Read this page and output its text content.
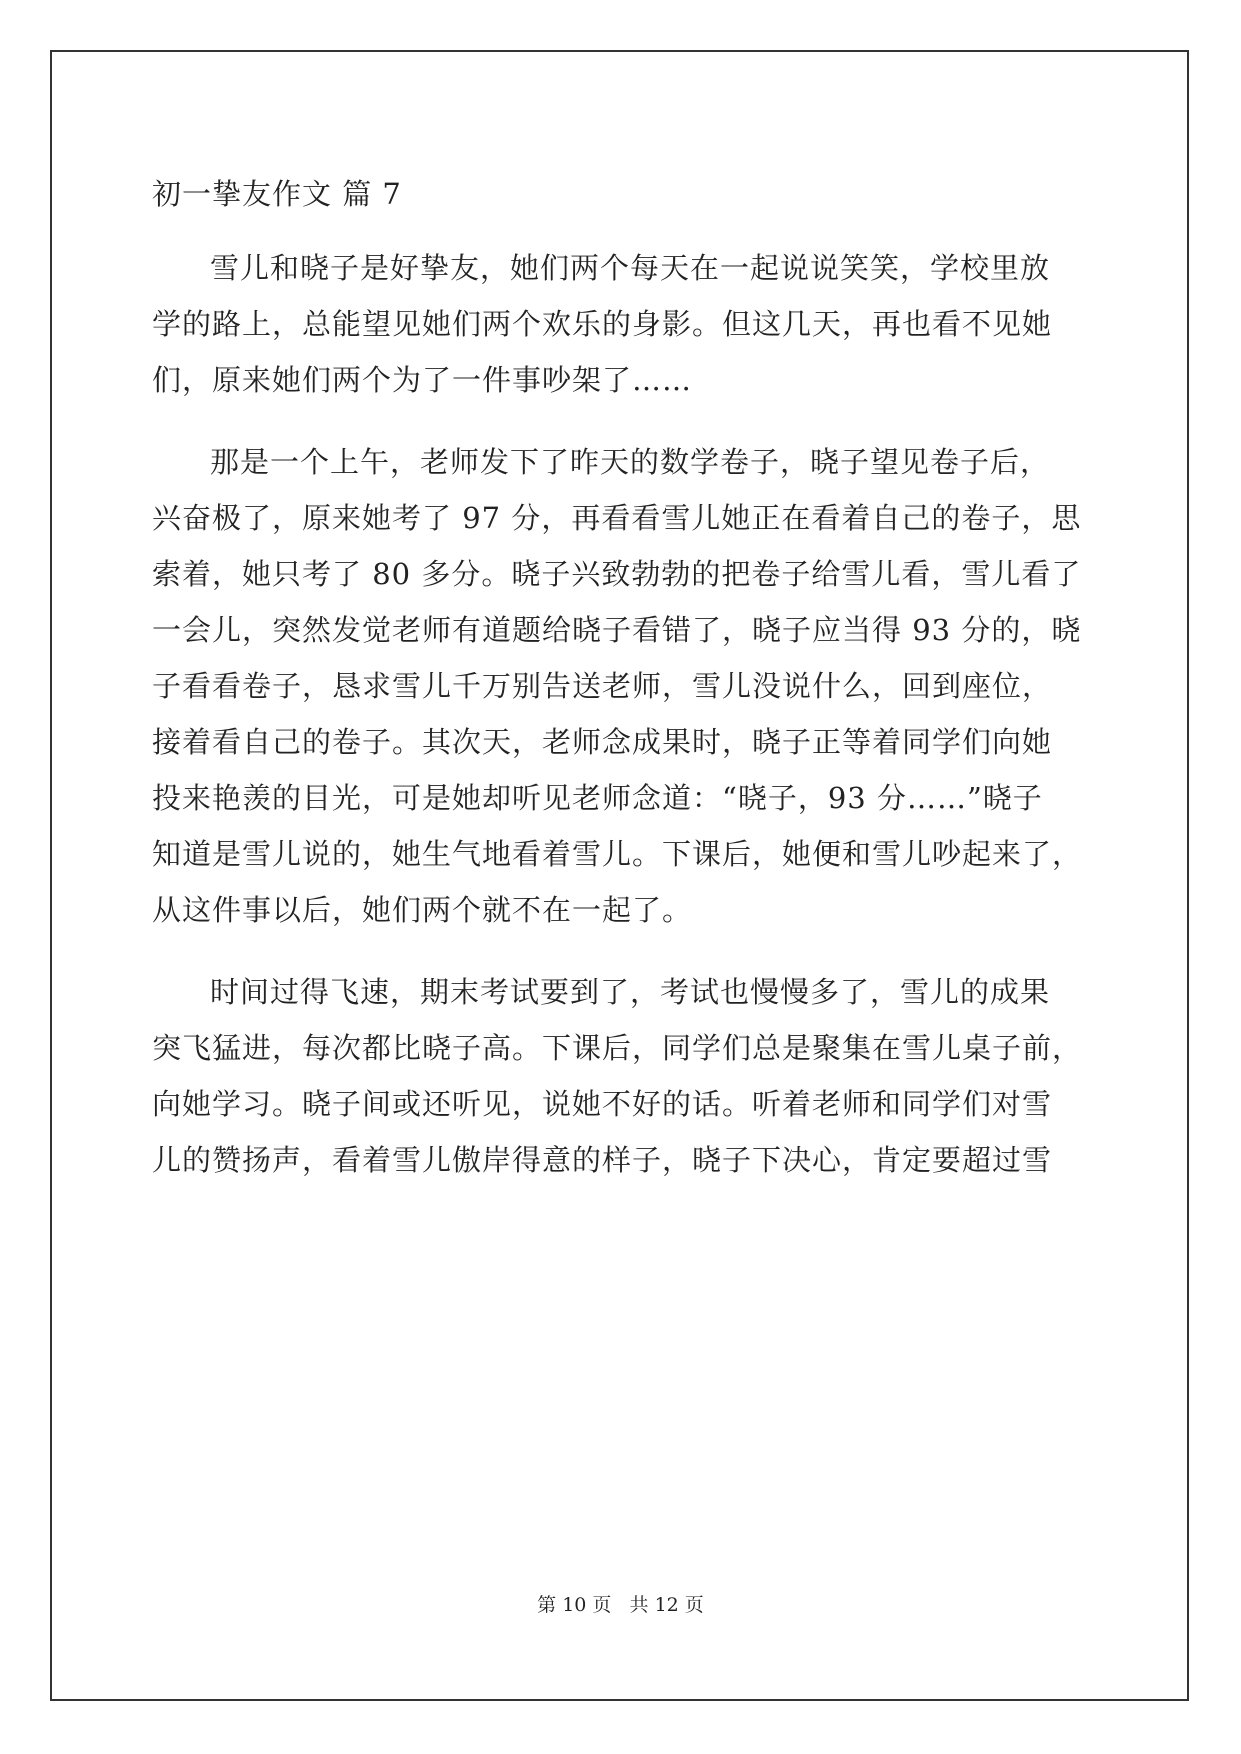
初一挚友作文 篇 7
雪儿和晓子是好挚友，她们两个每天在一起说说笑笑，学校里放
学的路上，总能望见她们两个欢乐的身影。但这几天，再也看不见她
们，原来她们两个为了一件事吵架了……
那是一个上午，老师发下了昨天的数学卷子，晓子望见卷子后，
兴奋极了，原来她考了 97 分，再看看雪儿她正在看着自己的卷子，思
索着，她只考了 80 多分。晓子兴致勃勃的把卷子给雪儿看，雪儿看了
一会儿，突然发觉老师有道题给晓子看错了，晓子应当得 93 分的，晓
子看看卷子，恳求雪儿千万别告送老师，雪儿没说什么，回到座位，
接着看自己的卷子。其次天，老师念成果时，晓子正等着同学们向她
投来艳羡的目光，可是她却听见老师念道：“晓子，93 分……”晓子
知道是雪儿说的，她生气地看着雪儿。下课后，她便和雪儿吵起来了，
从这件事以后，她们两个就不在一起了。
时间过得飞速，期末考试要到了，考试也慢慢多了，雪儿的成果
突飞猛进，每次都比晓子高。下课后，同学们总是聚集在雪儿桌子前，
向她学习。晓子间或还听见，说她不好的话。听着老师和同学们对雪
儿的赞扬声，看着雪儿傲岸得意的样子，晓子下决心，肯定要超过雪
第 10 页   共 12 页
